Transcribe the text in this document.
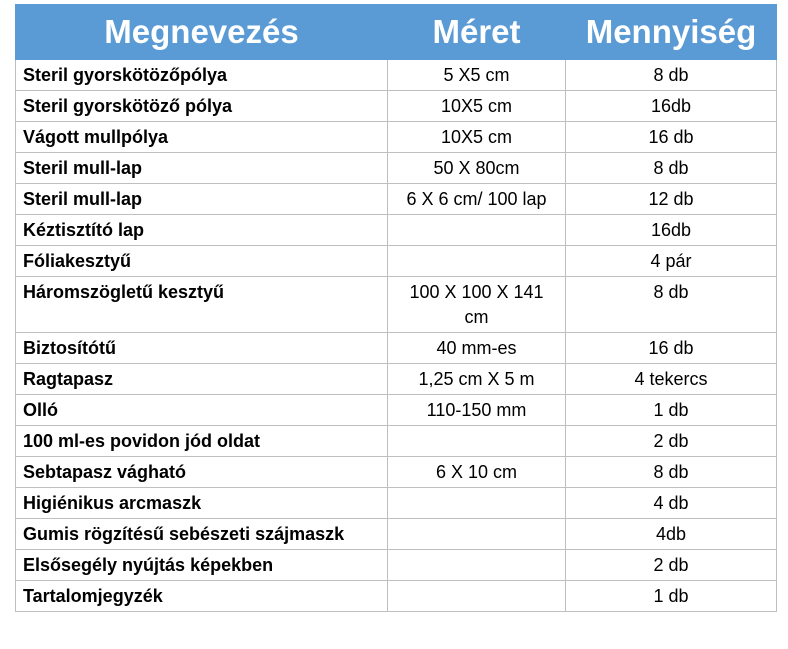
Megnevezés	Méret	Mennyiség
Steril gyorskötözőpólya	5 X5 cm	8 db
Steril gyorskötöző pólya	10X5 cm	16db
Vágott mullpólya	10X5 cm	16 db
Steril mull-lap	50 X 80cm	8 db
Steril mull-lap	6 X 6 cm/ 100 lap	12 db
Kéztisztító lap		16db
Fóliakesztyű		4 pár
Háromszögletű kesztyű	100 X 100 X 141 cm	8 db
Biztosítótű	40 mm-es	16 db
Ragtapasz	1,25 cm X 5 m	4 tekercs
Olló	110-150 mm	1 db
100 ml-es povidon jód oldat		2 db
Sebtapasz vágható	6 X 10 cm	8 db
Higiénikus arcmaszk		4 db
Gumis rögzítésű sebészeti szájmaszk		4db
Elsősegély nyújtás képekben		2 db
Tartalomjegyzék		1 db
